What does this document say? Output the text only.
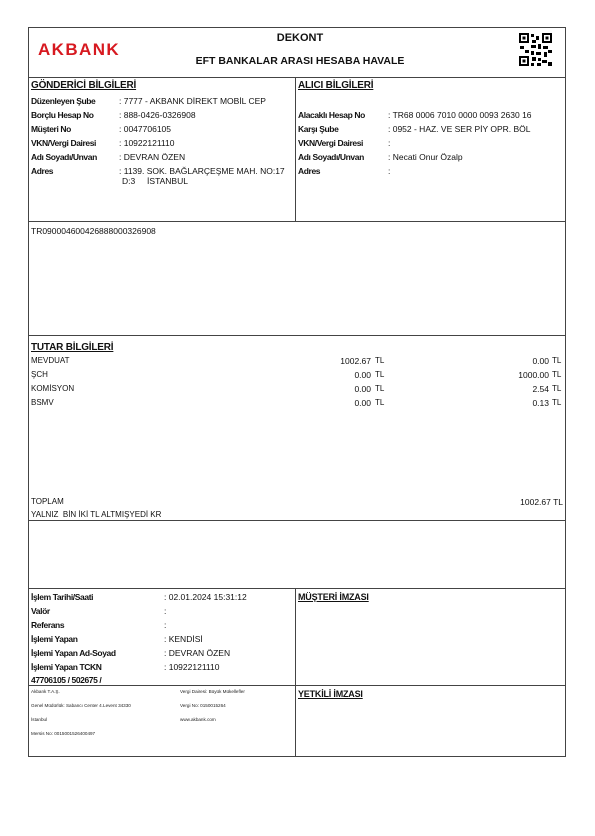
AKBANK
DEKONT
EFT BANKALAR ARASI HESABA HAVALE
GÖNDERİCİ BİLGİLERİ
Düzenleyen Şube	: 7777 - AKBANK DİREKT MOBİL CEP
Borçlu Hesap No	: 888-0426-0326908
Müşteri No	: 0047706105
VKN/Vergi Dairesi	: 10922121110
Adı Soyadı/Unvan	: DEVRAN ÖZEN
Adres	: 1139. SOK. BAĞLARÇEŞME MAH. NO:17
D:3     İSTANBUL
ALICI BİLGİLERİ
Alacaklı Hesap No	: TR68 0006 7010 0000 0093 2630 16
Karşı Şube	: 0952 - HAZ. VE SER PİY OPR. BÖL
VKN/Vergi Dairesi	:
Adı Soyadı/Unvan	: Necati Onur Özalp
Adres	:
TR090004600426888000326908
TUTAR BİLGİLERİ
MEVDUAT	1002.67 TL	0.00 TL
ŞCH	0.00 TL	1000.00 TL
KOMİSYON	0.00 TL	2.54 TL
BSMV	0.00 TL	0.13 TL
TOPLAM	1002.67 TL
YALNIZ  BİN İKİ TL ALTMIŞYEDİ KR
İşlem Tarihi/Saati	: 02.01.2024 15:31:12
Valör	:
Referans	:
İşlemi Yapan	: KENDİSİ
İşlemi Yapan Ad-Soyad	: DEVRAN ÖZEN
İşlemi Yapan TCKN	: 10922121110
47706105 / 502675 /
MÜŞTERİ İMZASI
YETKİLİ İMZASI
Akbank T.A.Ş.
Genel Müdürlük: Sabancı Center 4.Levent 34330
İstanbul
Mersis No: 0015001526400497
Vergi Dairesi: Büyük Mükellefler
Vergi No: 0150015264
www.akbank.com
